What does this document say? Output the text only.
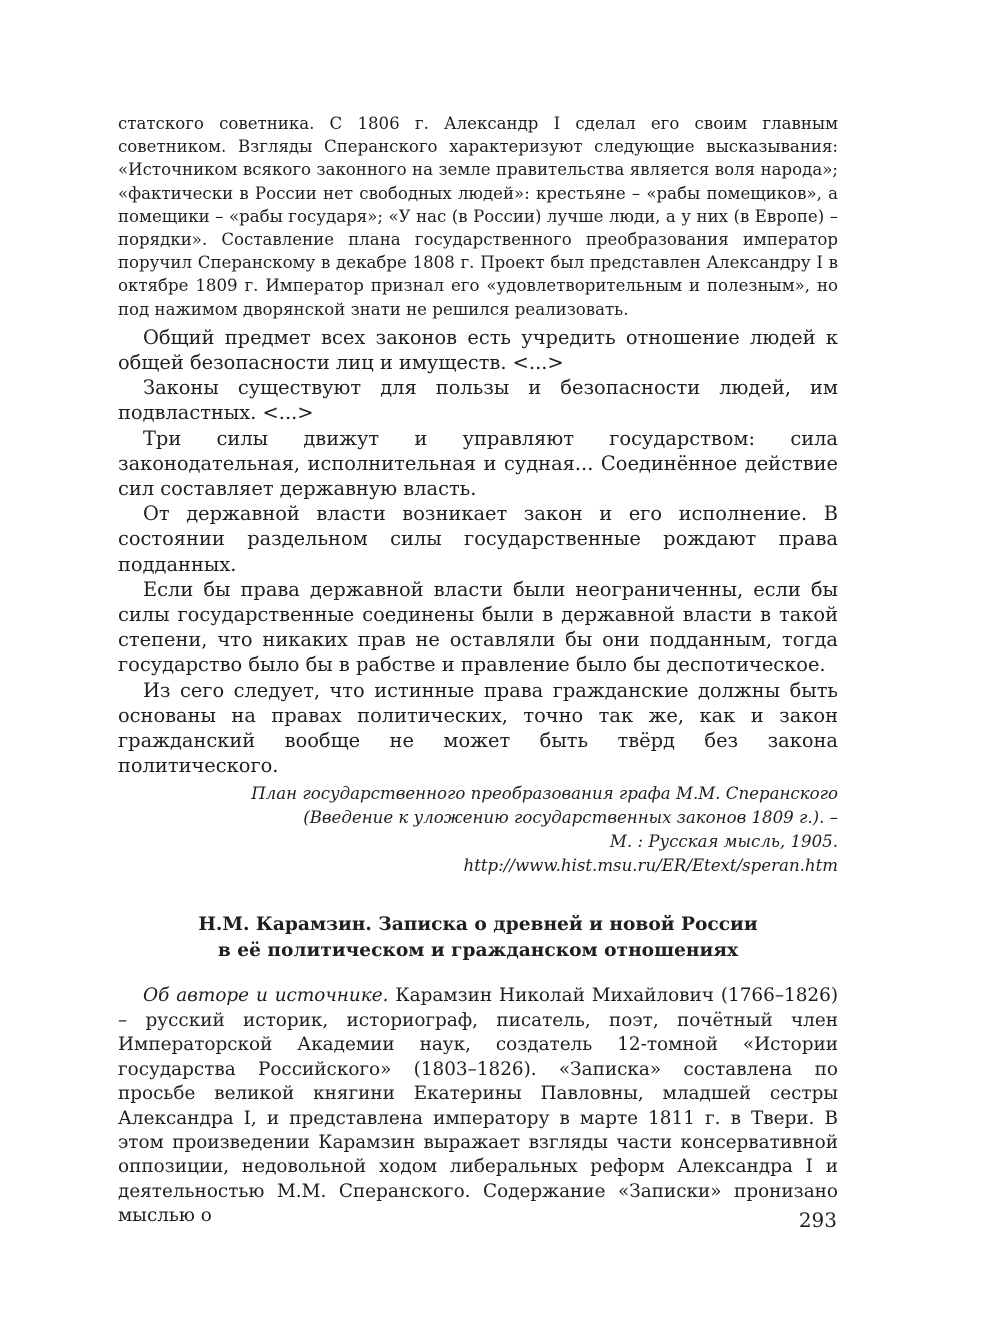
статского советника. С 1806 г. Александр I сделал его своим главным советником. Взгляды Сперанского характеризуют следующие высказывания: «Источником всякого законного на земле правительства является воля народа»; «фактически в России нет свободных людей»: крестьяне – «рабы помещиков», а помещики – «рабы государя»; «У нас (в России) лучше люди, а у них (в Европе) – порядки». Составление плана государственного преобразования император поручил Сперанскому в декабре 1808 г. Проект был представлен Александру I в октябре 1809 г. Император признал его «удовлетворительным и полезным», но под нажимом дворянской знати не решился реализовать.

Общий предмет всех законов есть учредить отношение людей к общей безопасности лиц и имуществ. <...>

Законы существуют для пользы и безопасности людей, им подвластных. <...>

Три силы движут и управляют государством: сила законодательная, исполнительная и судная... Соединённое действие сил составляет державную власть.

От державной власти возникает закон и его исполнение. В состоянии раздельном силы государственные рождают права подданных.

Если бы права державной власти были неограниченны, если бы силы государственные соединены были в державной власти в такой степени, что никаких прав не оставляли бы они подданным, тогда государство было бы в рабстве и правление было бы деспотическое.

Из сего следует, что истинные права гражданские должны быть основаны на правах политических, точно так же, как и закон гражданский вообще не может быть твёрд без закона политического.

План государственного преобразования графа М.М. Сперанского
(Введение к уложению государственных законов 1809 г.). –
М. : Русская мысль, 1905.
http://www.hist.msu.ru/ER/Etext/speran.htm
Н.М. Карамзин. Записка о древней и новой России
в её политическом и гражданском отношениях

Об авторе и источнике. Карамзин Николай Михайлович (1766–1826) – русский историк, историограф, писатель, поэт, почётный член Императорской Академии наук, создатель 12-томной «Истории государства Российского» (1803–1826). «Записка» составлена по просьбе великой княгини Екатерины Павловны, младшей сестры Александра I, и представлена императору в марте 1811 г. в Твери. В этом произведении Карамзин выражает взгляды части консервативной оппозиции, недовольной ходом либеральных реформ Александра I и деятельностью М.М. Сперанского. Содержание «Записки» пронизано мыслью о	293
